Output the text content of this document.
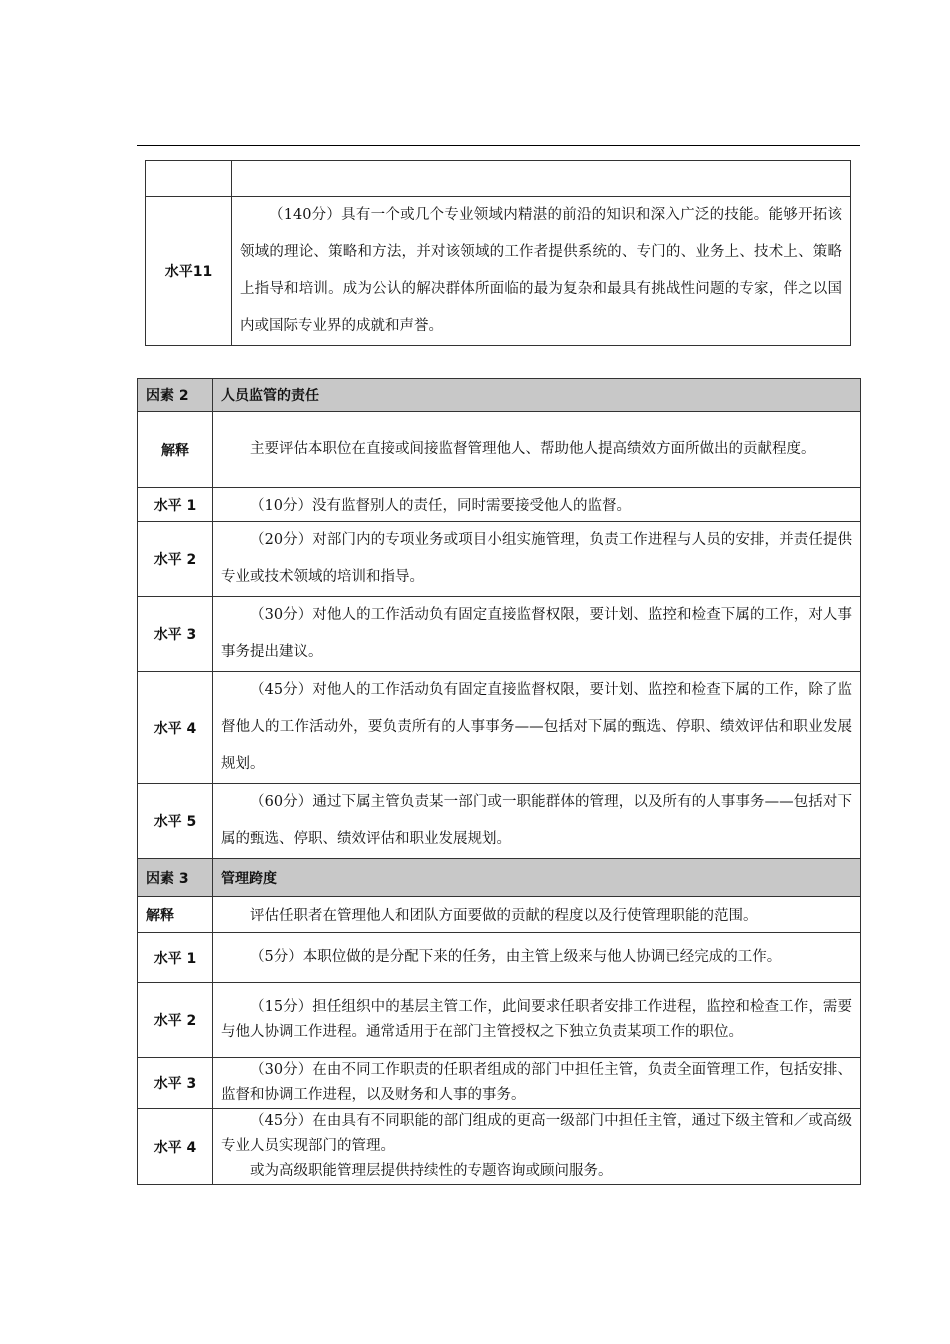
水平11	（140分）具有一个或几个专业领域内精湛的前沿的知识和深入广泛的技能。能够开拓该领域的理论、策略和方法，并对该领域的工作者提供系统的、专门的、业务上、技术上、策略上指导和培训。成为公认的解决群体所面临的最为复杂和最具有挑战性问题的专家，伴之以国内或国际专业界的成就和声誉。
因素 2	人员监管的责任
解释	主要评估本职位在直接或间接监督管理他人、帮助他人提高绩效方面所做出的贡献程度。
水平 1	（10分）没有监督别人的责任，同时需要接受他人的监督。
水平 2	（20分）对部门内的专项业务或项目小组实施管理，负责工作进程与人员的安排，并责任提供专业或技术领域的培训和指导。
水平 3	（30分）对他人的工作活动负有固定直接监督权限，要计划、监控和检查下属的工作，对人事事务提出建议。
水平 4	（45分）对他人的工作活动负有固定直接监督权限，要计划、监控和检查下属的工作，除了监督他人的工作活动外，要负责所有的人事事务——包括对下属的甄选、停职、绩效评估和职业发展规划。
水平 5	（60分）通过下属主管负责某一部门或一职能群体的管理，以及所有的人事事务——包括对下属的甄选、停职、绩效评估和职业发展规划。
因素 3	管理跨度
解释	评估任职者在管理他人和团队方面要做的贡献的程度以及行使管理职能的范围。
水平 1	（5分）本职位做的是分配下来的任务，由主管上级来与他人协调已经完成的工作。
水平 2	（15分）担任组织中的基层主管工作，此间要求任职者安排工作进程，监控和检查工作，需要与他人协调工作进程。通常适用于在部门主管授权之下独立负责某项工作的职位。
水平 3	（30分）在由不同工作职责的任职者组成的部门中担任主管，负责全面管理工作，包括安排、监督和协调工作进程，以及财务和人事的事务。
水平 4	（45分）在由具有不同职能的部门组成的更高一级部门中担任主管，通过下级主管和／或高级专业人员实现部门的管理。
或为高级职能管理层提供持续性的专题咨询或顾问服务。
